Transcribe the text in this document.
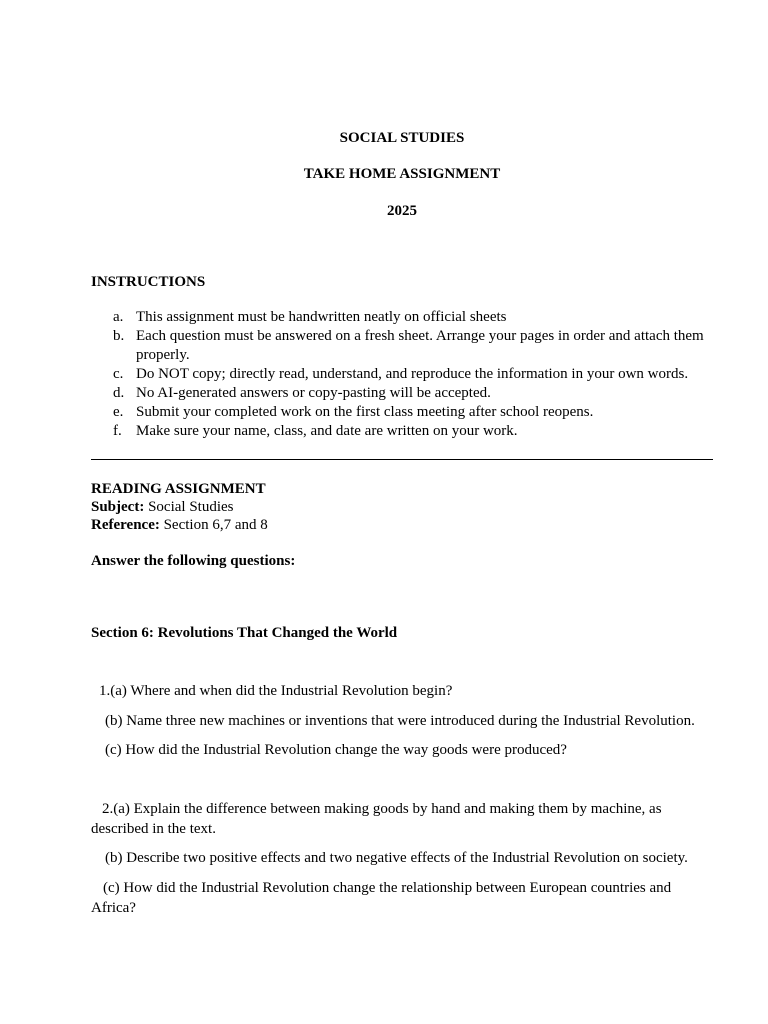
SOCIAL STUDIES
TAKE HOME ASSIGNMENT
2025
INSTRUCTIONS
a. This assignment must be handwritten neatly on official sheets
b. Each question must be answered on a fresh sheet. Arrange your pages in order and attach them properly.
c. Do NOT copy; directly read, understand, and reproduce the information in your own words.
d. No AI-generated answers or copy-pasting will be accepted.
e. Submit your completed work on the first class meeting after school reopens.
f. Make sure your name, class, and date are written on your work.
READING ASSIGNMENT
Subject: Social Studies
Reference: Section 6,7 and 8
Answer the following questions:
Section 6: Revolutions That Changed the World
1.(a) Where and when did the Industrial Revolution begin?
(b) Name three new machines or inventions that were introduced during the Industrial Revolution.
(c) How did the Industrial Revolution change the way goods were produced?
2.(a) Explain the difference between making goods by hand and making them by machine, as described in the text.
(b) Describe two positive effects and two negative effects of the Industrial Revolution on society.
(c) How did the Industrial Revolution change the relationship between European countries and Africa?
